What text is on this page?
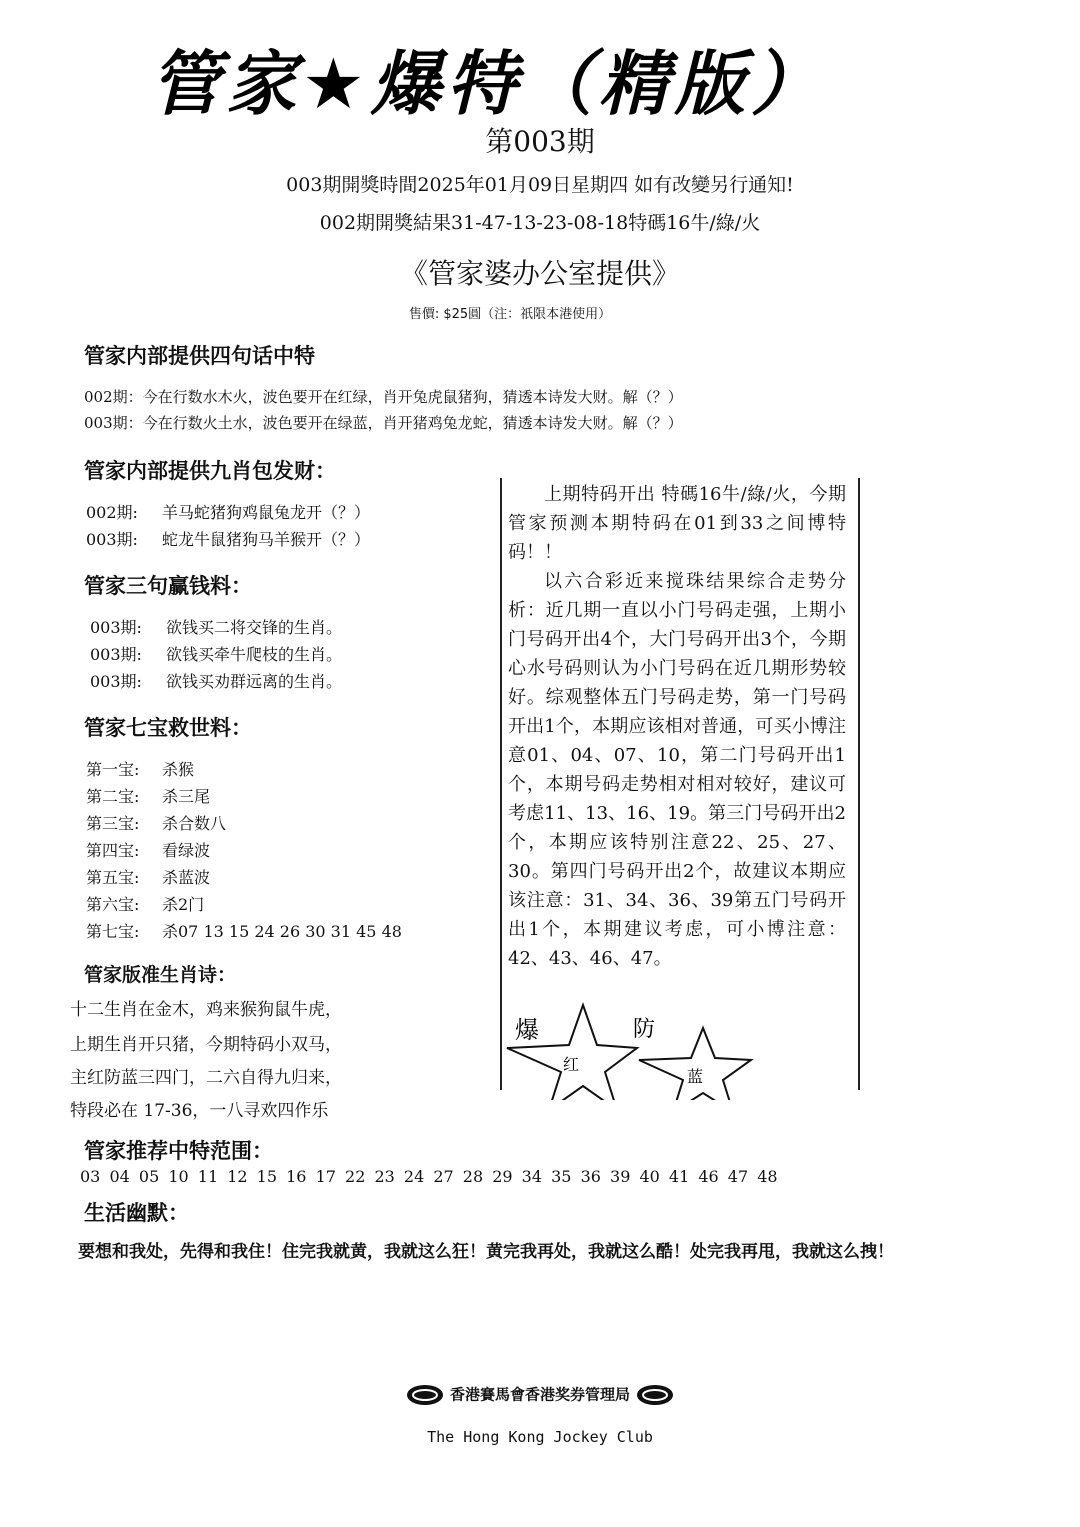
管家★爆特（精版）
第003期
003期開獎時間2025年01月09日星期四 如有改變另行通知!
002期開獎結果31-47-13-23-08-18特碼16牛/綠/火
《管家婆办公室提供》
售價: $25圓（注：祇限本港使用）
管家内部提供四句话中特
002期：今在行数水木火，波色要开在红绿，肖开兔虎鼠猪狗，猜透本诗发大财。解（？）
003期：今在行数火土水，波色要开在绿蓝，肖开猪鸡兔龙蛇，猜透本诗发大财。解（？）
管家内部提供九肖包发财：
002期:	羊马蛇猪狗鸡鼠兔龙开（？）
003期:	蛇龙牛鼠猪狗马羊猴开（？）
管家三句赢钱料：
003期:	欲钱买二将交锋的生肖。
003期:	欲钱买牵牛爬枝的生肖。
003期:	欲钱买劝群远离的生肖。
管家七宝救世料：
第一宝:	杀猴
第二宝:	杀三尾
第三宝:	杀合数八
第四宝:	看绿波
第五宝:	杀蓝波
第六宝:	杀2门
第七宝:	杀07 13 15 24 26 30 31 45 48
管家版准生肖诗：
十二生肖在金木，鸡来猴狗鼠牛虎，
上期生肖开只猪，今期特码小双马，
主红防蓝三四门，二六自得九归来，
特段必在 17-36，一八寻欢四作乐

上期特码开出 特碼16牛/綠/火，今期管家预测本期特码在01到33之间博特码！！

以六合彩近来搅珠结果综合走势分析：近几期一直以小门号码走强，上期小门号码开出4个，大门号码开出3个，今期心水号码则认为小门号码在近几期形势较好。综观整体五门号码走势，第一门号码开出1个，本期应该相对普通，可买小博注意01、04、07、10，第二门号码开出1个，本期号码走势相对相对较好，建议可考虑11、13、16、19。第三门号码开出2个，本期应该特别注意22、25、27、30。第四门号码开出2个，故建议本期应该注意：31、34、36、39第五门号码开出1个，本期建议考虑，可小博注意：42、43、46、47。

爆	防
红
蓝
管家推荐中特范围：
03 04 05 10 11 12 15 16 17 22 23 24 27 28 29 34 35 36 39 40 41 46 47 48
生活幽默：
要想和我处，先得和我住！住完我就黄，我就这么狂！黄完我再处，我就这么酷！处完我再甩，我就这么拽！
香港賽馬會香港奖券管理局
The Hong Kong Jockey Club
